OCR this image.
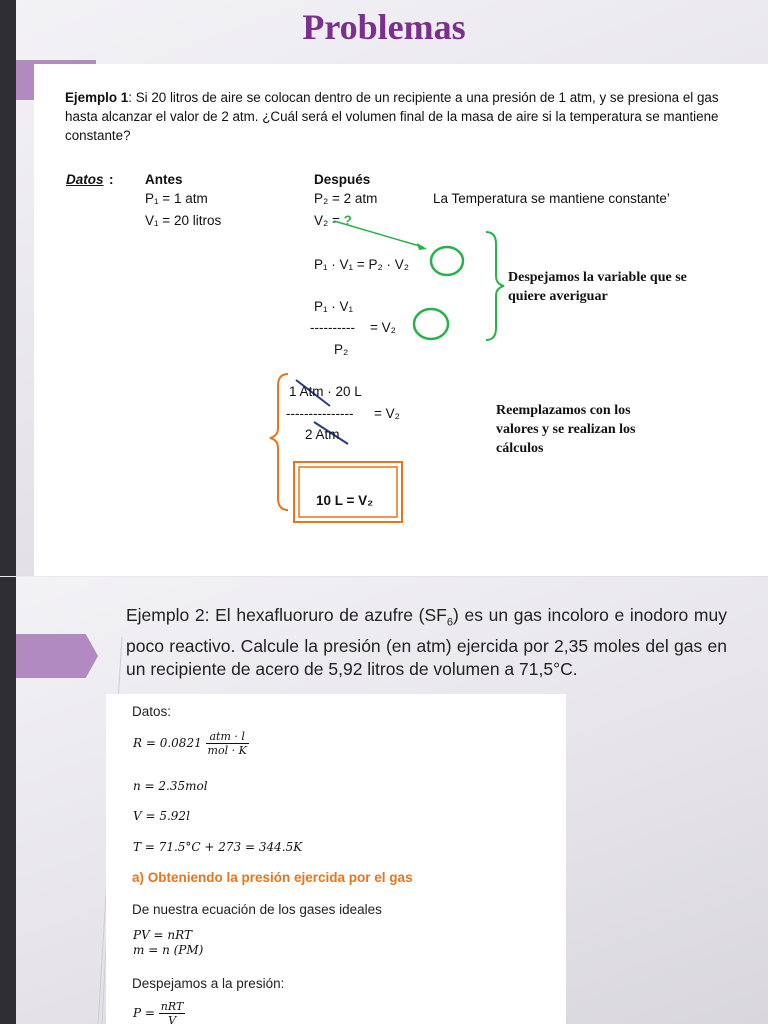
Problemas
Ejemplo 1: Si 20 litros de aire se colocan dentro de un recipiente a una presión de 1 atm, y se presiona el gas hasta alcanzar el valor de 2 atm. ¿Cuál será el volumen final de la masa de aire si la temperatura se mantiene constante?
Datos : Antes	Después
P₁ = 1 atm
V₁ = 20 litros
P₂ = 2 atm
V₂ = ?
La Temperatura se mantiene constante’
P₁ · V₁ = P₂ · V₂
P₁ · V₁
---------- = V₂
P₂
Despejamos la variable que se
quiere averiguar
1 Atm · 20 L
--------------- = V₂
2 Atm
Reemplazamos con los
valores y se realizan los
cálculos
10 L = V₂
Ejemplo 2: El hexafluoruro de azufre $(SF_6)$ es un gas incoloro e inodoro muy poco reactivo. Calcule la presión (en atm) ejercida por 2,35 moles del gas en un recipiente de acero de 5,92 litros de volumen a 71,5°C.
Datos:
$R = 0.0821 \frac{\text{atm · l}}{\text{mol · K}}$
n = 2.35mol
V = 5.92l
T = 71.5°C + 273 = 344.5K
a) Obteniendo la presión ejercida por el gas
De nuestra ecuación de los gases ideales
PV = nRT
m = n (PM)
Despejamos a la presión:
$P = \frac{\text{nRT}}{V}$
